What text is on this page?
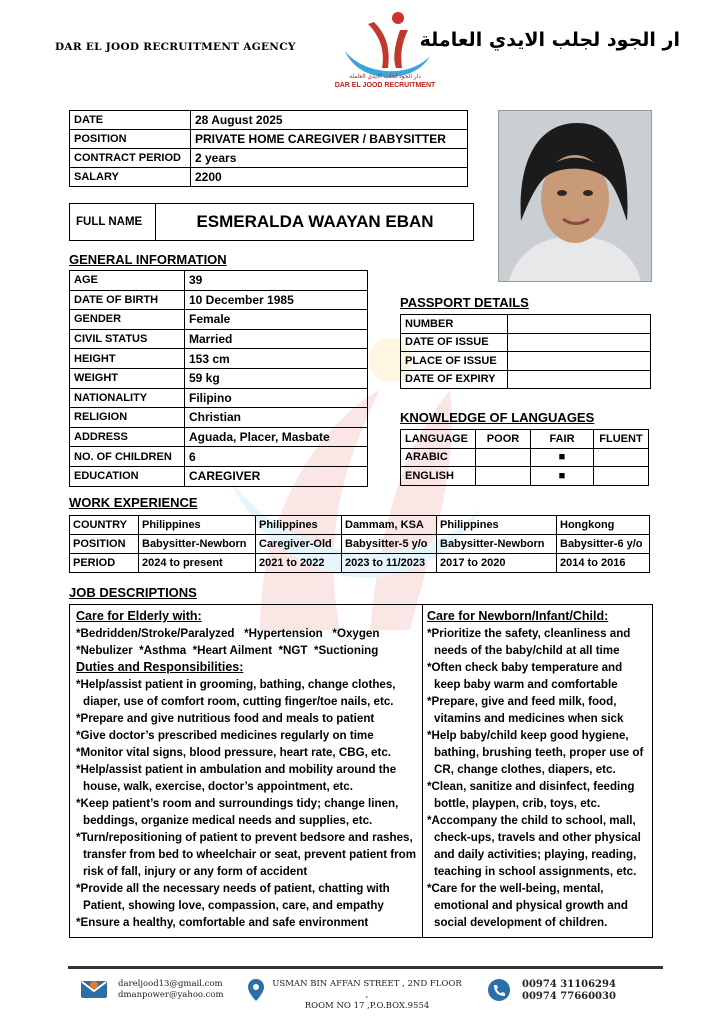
DAR EL JOOD RECRUITMENT AGENCY
دار الجود لجلب الايدي العاملة
DAR EL JOOD RECRUITMENT
ار الجود لجلب الايدي العاملة
DATE	28 August 2025
POSITION	PRIVATE HOME CAREGIVER / BABYSITTER
CONTRACT PERIOD	2 years
SALARY	2200
FULL NAME	ESMERALDA WAAYAN EBAN
GENERAL INFORMATION
AGE	39
DATE OF BIRTH	10 December 1985
GENDER	Female
CIVIL STATUS	Married
HEIGHT	153 cm
WEIGHT	59 kg
NATIONALITY	Filipino
RELIGION	Christian
ADDRESS	Aguada, Placer, Masbate
NO. OF CHILDREN	6
EDUCATION	CAREGIVER
PASSPORT DETAILS
NUMBER	
DATE OF ISSUE	
PLACE OF ISSUE	
DATE OF EXPIRY	
KNOWLEDGE OF LANGUAGES
LANGUAGE	POOR	FAIR	FLUENT
ARABIC		■	
ENGLISH		■	
WORK EXPERIENCE
COUNTRY	Philippines	Philippines	Dammam, KSA	Philippines	Hongkong
POSITION	Babysitter-Newborn	Caregiver-Old	Babysitter-5 y/o	Babysitter-Newborn	Babysitter-6 y/o
PERIOD	2024 to present	2021 to 2022	2023 to 11/2023	2017 to 2020	2014 to 2016
JOB DESCRIPTIONS
Care for Elderly with:
*Bedridden/Stroke/Paralyzed   *Hypertension   *Oxygen
*Nebulizer  *Asthma  *Heart Ailment  *NGT  *Suctioning
Duties and Responsibilities:
*Help/assist patient in grooming, bathing, change clothes, diaper, use of comfort room, cutting finger/toe nails, etc.
*Prepare and give nutritious food and meals to patient
*Give doctor’s prescribed medicines regularly on time
*Monitor vital signs, blood pressure, heart rate, CBG, etc.
*Help/assist patient in ambulation and mobility around the house, walk, exercise, doctor’s appointment, etc.
*Keep patient’s room and surroundings tidy; change linen, beddings, organize medical needs and supplies, etc.
*Turn/repositioning of patient to prevent bedsore and rashes, transfer from bed to wheelchair or seat, prevent patient from risk of fall, injury or any form of accident
*Provide all the necessary needs of patient, chatting with Patient, showing love, compassion, care, and empathy
*Ensure a healthy, comfortable and safe environment
Care for Newborn/Infant/Child:
*Prioritize the safety, cleanliness and needs of the baby/child at all time
*Often check baby temperature and keep baby warm and comfortable
*Prepare, give and feed milk, food, vitamins and medicines when sick
*Help baby/child keep good hygiene, bathing, brushing teeth, proper use of CR, change clothes, diapers, etc.
*Clean, sanitize and disinfect, feeding bottle, playpen, crib, toys, etc.
*Accompany the child to school, mall, check-ups, travels and other physical and daily activities; playing, reading, teaching in school assignments, etc.
*Care for the well-being, mental, emotional and physical growth and social development of children.
dareljood13@gmail.com
dmanpower@yahoo.com
USMAN BIN AFFAN STREET , 2ND FLOOR ,
ROOM NO 17 ,P.O.BOX.9554
00974 31106294
00974 77660030
